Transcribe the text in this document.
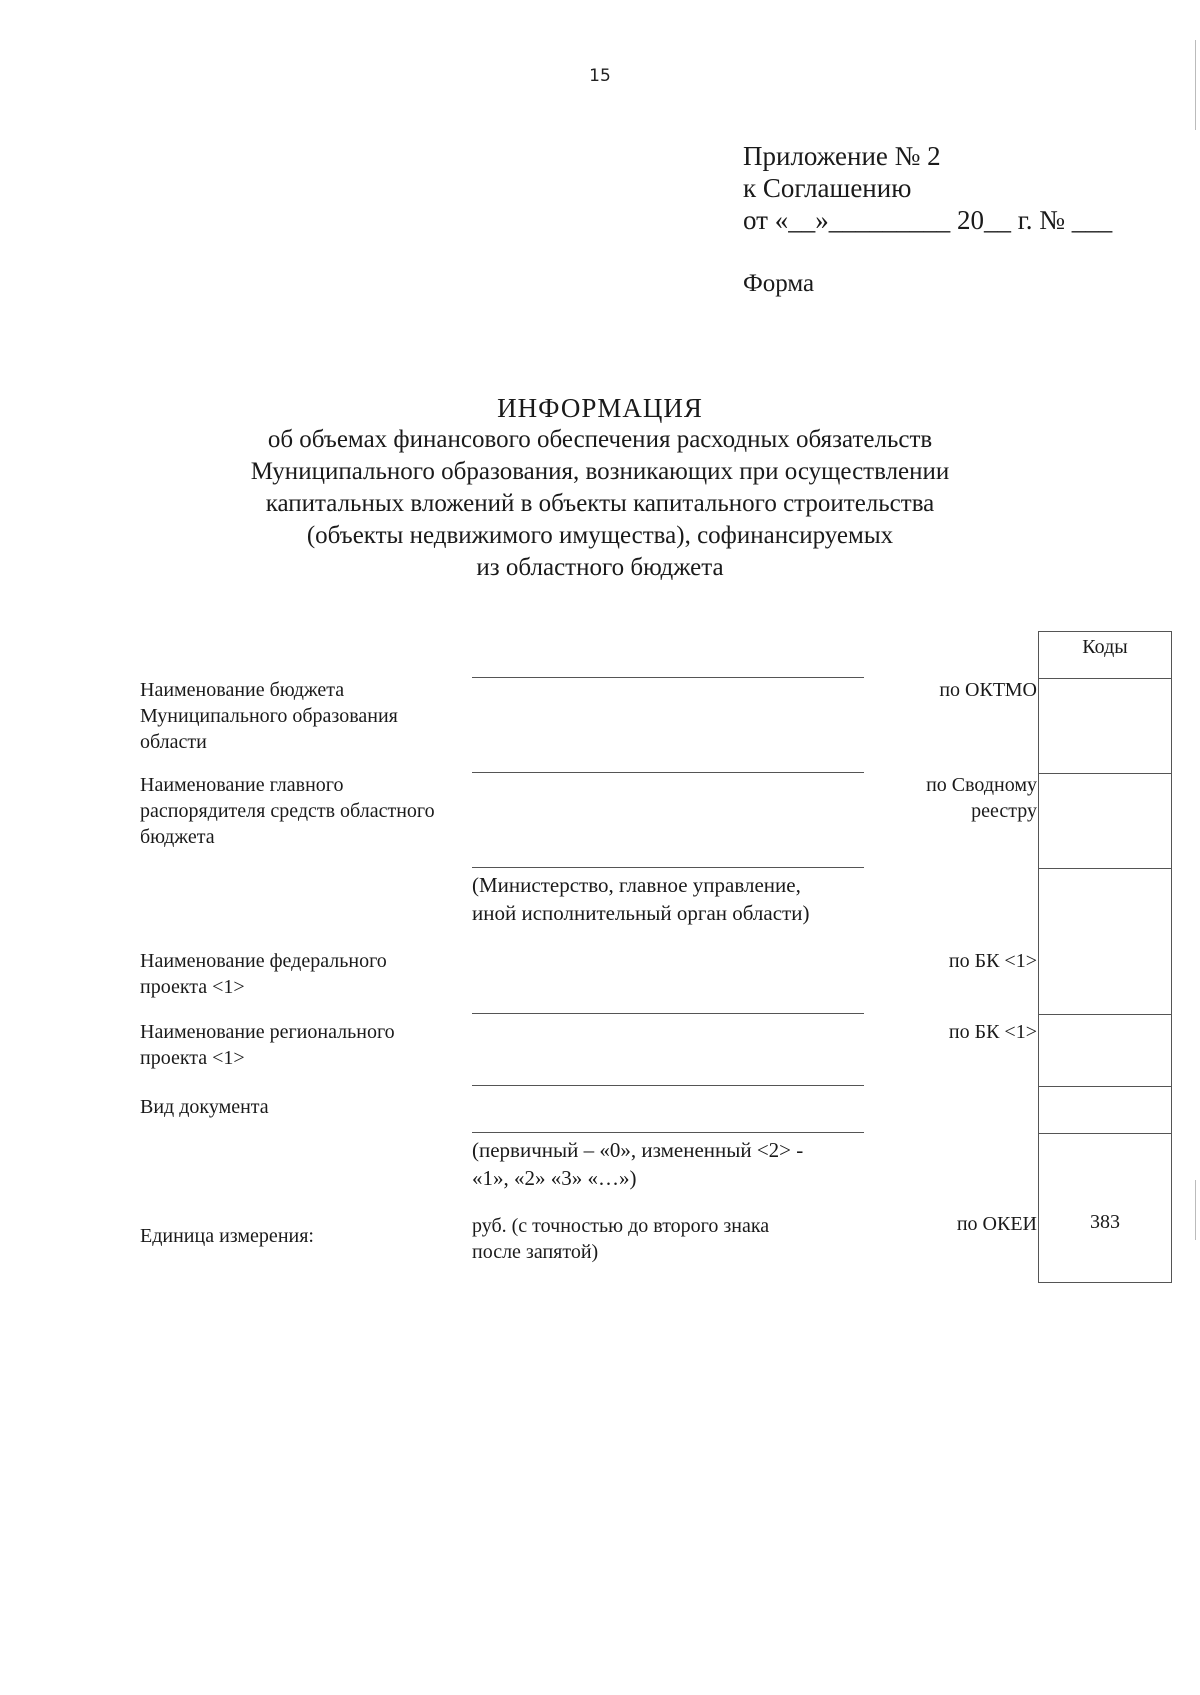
15
Приложение № 2
к Соглашению
от «__»_________ 20__ г. № ___
Форма
ИНФОРМАЦИЯ
об объемах финансового обеспечения расходных обязательств
Муниципального образования, возникающих при осуществлении
капитальных вложений в объекты капитального строительства
(объекты недвижимого имущества), софинансируемых
из областного бюджета
Наименование бюджета
Муниципального образования
области
Наименование главного
распорядителя средств областного
бюджета
Наименование федерального
проекта <1>
Наименование регионального
проекта <1>
Вид документа
Единица измерения:
(Министерство, главное управление,
иной исполнительный орган области)
(первичный – «0», измененный <2> -
«1», «2» «3» «…»)
руб. (с точностью до второго знака
после запятой)
по ОКТМО
по Сводному
реестру
по БК <1>
по БК <1>
по ОКЕИ
Коды
383
